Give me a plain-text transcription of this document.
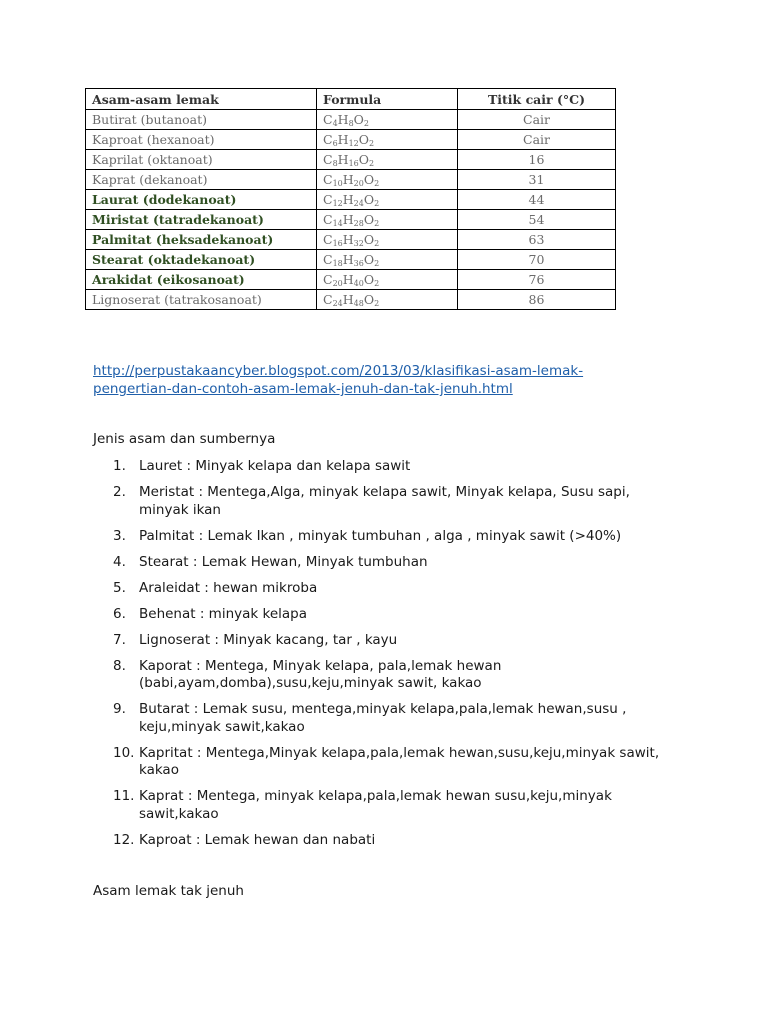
Asam-asam lemak	Formula	Titik cair (°C)
Butirat (butanoat)	$C_4H_8O_2$	Cair
Kaproat (hexanoat)	$C_6H_{12}O_2$	Cair
Kaprilat (oktanoat)	$C_8H_{16}O_2$	16
Kaprat (dekanoat)	$C_{10}H_{20}O_2$	31
Laurat (dodekanoat)	$C_{12}H_{24}O_2$	44
Miristat (tatradekanoat)	$C_{14}H_{28}O_2$	54
Palmitat (heksadekanoat)	$C_{16}H_{32}O_2$	63
Stearat (oktadekanoat)	$C_{18}H_{36}O_2$	70
Arakidat (eikosanoat)	$C_{20}H_{40}O_2$	76
Lignoserat (tatrakosanoat)	$C_{24}H_{48}O_2$	86
http://perpustakaancyber.blogspot.com/2013/03/klasifikasi-asam-lemak-pengertian-dan-contoh-asam-lemak-jenuh-dan-tak-jenuh.html
Jenis asam dan sumbernya
1. Lauret : Minyak kelapa dan kelapa sawit
2. Meristat : Mentega,Alga, minyak kelapa sawit, Minyak kelapa, Susu sapi, minyak ikan
3. Palmitat : Lemak Ikan , minyak tumbuhan , alga , minyak sawit (>40%)
4. Stearat : Lemak Hewan, Minyak tumbuhan
5. Araleidat : hewan mikroba
6. Behenat : minyak kelapa
7. Lignoserat : Minyak kacang, tar , kayu
8. Kaporat : Mentega, Minyak kelapa, pala,lemak hewan (babi,ayam,domba),susu,keju,minyak sawit, kakao
9. Butarat : Lemak susu, mentega,minyak kelapa,pala,lemak hewan,susu , keju,minyak sawit,kakao
10. Kapritat : Mentega,Minyak kelapa,pala,lemak hewan,susu,keju,minyak sawit, kakao
11. Kaprat : Mentega, minyak kelapa,pala,lemak hewan susu,keju,minyak sawit,kakao
12. Kaproat : Lemak hewan dan nabati
Asam lemak tak jenuh
